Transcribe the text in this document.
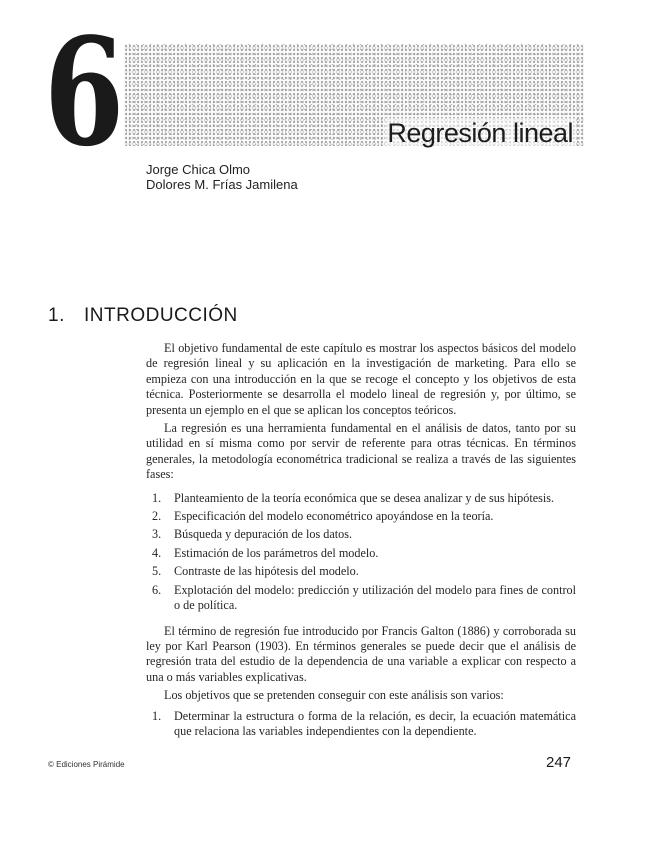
6	Regresión lineal
Jorge Chica Olmo
Dolores M. Frías Jamilena
1. INTRODUCCIÓN

El objetivo fundamental de este capítulo es mostrar los aspectos básicos del modelo de regresión lineal y su aplicación en la investigación de marketing. Para ello se empieza con una introducción en la que se recoge el concepto y los objetivos de esta técnica. Posteriormente se desarrolla el modelo lineal de regresión y, por último, se presenta un ejemplo en el que se aplican los conceptos teóricos.

La regresión es una herramienta fundamental en el análisis de datos, tanto por su utilidad en sí misma como por servir de referente para otras técnicas. En términos generales, la metodología econométrica tradicional se realiza a través de las siguientes fases:

1. Planteamiento de la teoría económica que se desea analizar y de sus hipótesis.
2. Especificación del modelo econométrico apoyándose en la teoría.
3. Búsqueda y depuración de los datos.
4. Estimación de los parámetros del modelo.
5. Contraste de las hipótesis del modelo.
6. Explotación del modelo: predicción y utilización del modelo para fines de control o de política.

El término de regresión fue introducido por Francis Galton (1886) y corroborada su ley por Karl Pearson (1903). En términos generales se puede decir que el análisis de regresión trata del estudio de la dependencia de una variable a explicar con respecto a una o más variables explicativas.

Los objetivos que se pretenden conseguir con este análisis son varios:

1. Determinar la estructura o forma de la relación, es decir, la ecuación matemática que relaciona las variables independientes con la dependiente.
© Ediciones Pirámide	247
